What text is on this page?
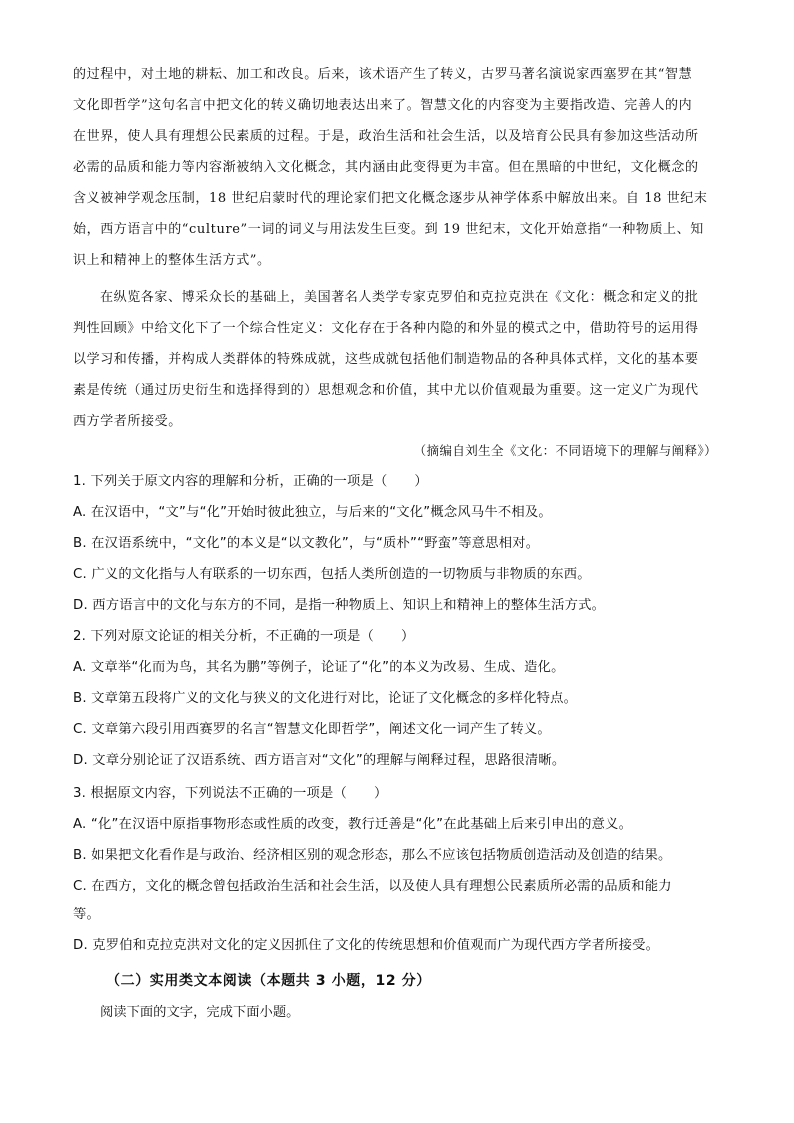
的过程中，对土地的耕耘、加工和改良。后来，该术语产生了转义，古罗马著名演说家西塞罗在其“智慧
文化即哲学”这句名言中把文化的转义确切地表达出来了。智慧文化的内容变为主要指改造、完善人的内
在世界，使人具有理想公民素质的过程。于是，政治生活和社会生活，以及培育公民具有参加这些活动所
必需的品质和能力等内容渐被纳入文化概念，其内涵由此变得更为丰富。但在黑暗的中世纪，文化概念的
含义被神学观念压制，18 世纪启蒙时代的理论家们把文化概念逐步从神学体系中解放出来。自 18 世纪末
始，西方语言中的“culture”一词的词义与用法发生巨变。到 19 世纪末，文化开始意指“一种物质上、知
识上和精神上的整体生活方式”。
在纵览各家、博采众长的基础上，美国著名人类学专家克罗伯和克拉克洪在《文化：概念和定义的批
判性回顾》中给文化下了一个综合性定义：文化存在于各种内隐的和外显的模式之中，借助符号的运用得
以学习和传播，并构成人类群体的特殊成就，这些成就包括他们制造物品的各种具体式样，文化的基本要
素是传统（通过历史衍生和选择得到的）思想观念和价值，其中尤以价值观最为重要。这一定义广为现代
西方学者所接受。
（摘编自刘生全《文化：不同语境下的理解与阐释》）
1. 下列关于原文内容的理解和分析，正确的一项是（　　）
A. 在汉语中，“文”与“化”开始时彼此独立，与后来的“文化”概念风马牛不相及。
B. 在汉语系统中，“文化”的本义是“以文教化”，与“质朴”“野蛮”等意思相对。
C. 广义的文化指与人有联系的一切东西，包括人类所创造的一切物质与非物质的东西。
D. 西方语言中的文化与东方的不同，是指一种物质上、知识上和精神上的整体生活方式。
2. 下列对原文论证的相关分析，不正确的一项是（　　）
A. 文章举“化而为鸟，其名为鹏”等例子，论证了“化”的本义为改易、生成、造化。
B. 文章第五段将广义的文化与狭义的文化进行对比，论证了文化概念的多样化特点。
C. 文章第六段引用西赛罗的名言“智慧文化即哲学”，阐述文化一词产生了转义。
D. 文章分别论证了汉语系统、西方语言对“文化”的理解与阐释过程，思路很清晰。
3. 根据原文内容，下列说法不正确的一项是（　　）
A. “化”在汉语中原指事物形态或性质的改变，教行迁善是“化”在此基础上后来引申出的意义。
B. 如果把文化看作是与政治、经济相区别的观念形态，那么不应该包括物质创造活动及创造的结果。
C. 在西方，文化的概念曾包括政治生活和社会生活，以及使人具有理想公民素质所必需的品质和能力
等。
D. 克罗伯和克拉克洪对文化的定义因抓住了文化的传统思想和价值观而广为现代西方学者所接受。
（二）实用类文本阅读（本题共 3 小题，12 分）
阅读下面的文字，完成下面小题。
